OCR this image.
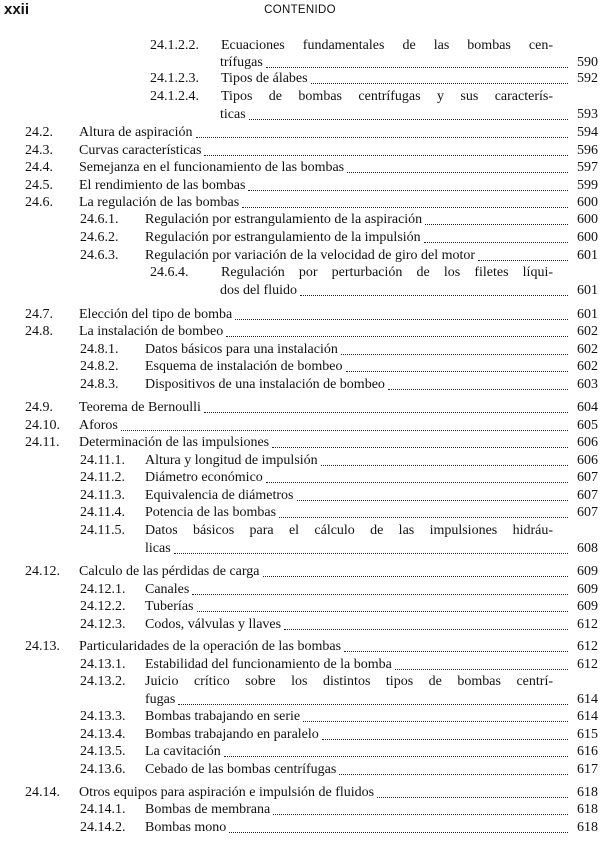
xxii	CONTENIDO
24.1.2.2.	Ecuaciones fundamentales de las bombas cen-
trífugas	590
24.1.2.3.	Tipos de álabes	592
24.1.2.4.	Tipos de bombas centrífugas y sus caracterís-
ticas	593
24.2.	Altura de aspiración	594
24.3.	Curvas características	596
24.4.	Semejanza en el funcionamiento de las bombas	597
24.5.	El rendimiento de las bombas	599
24.6.	La regulación de las bombas	600
24.6.1.	Regulación por estrangulamiento de la aspiración	600
24.6.2.	Regulación por estrangulamiento de la impulsión	600
24.6.3.	Regulación por variación de la velocidad de giro del motor	601
24.6.4.	Regulación por perturbación de los filetes líqui-
dos del fluido	601
24.7.	Elección del tipo de bomba	601
24.8.	La instalación de bombeo	602
24.8.1.	Datos básicos para una instalación	602
24.8.2.	Esquema de instalación de bombeo	602
24.8.3.	Dispositivos de una instalación de bombeo	603
24.9.	Teorema de Bernoulli	604
24.10.	Aforos	605
24.11.	Determinación de las impulsiones	606
24.11.1.	Altura y longitud de impulsión	606
24.11.2.	Diámetro económico	607
24.11.3.	Equivalencia de diámetros	607
24.11.4.	Potencia de las bombas	607
24.11.5.	Datos básicos para el cálculo de las impulsiones hidráu-
licas	608
24.12.	Calculo de las pérdidas de carga	609
24.12.1.	Canales	609
24.12.2.	Tuberías	609
24.12.3.	Codos, válvulas y llaves	612
24.13.	Particularidades de la operación de las bombas	612
24.13.1.	Estabilidad del funcionamiento de la bomba	612
24.13.2.	Juicio crítico sobre los distintos tipos de bombas centrí-
fugas	614
24.13.3.	Bombas trabajando en serie	614
24.13.4.	Bombas trabajando en paralelo	615
24.13.5.	La cavitación	616
24.13.6.	Cebado de las bombas centrífugas	617
24.14.	Otros equipos para aspiración e impulsión de fluidos	618
24.14.1.	Bombas de membrana	618
24.14.2.	Bombas mono	618
